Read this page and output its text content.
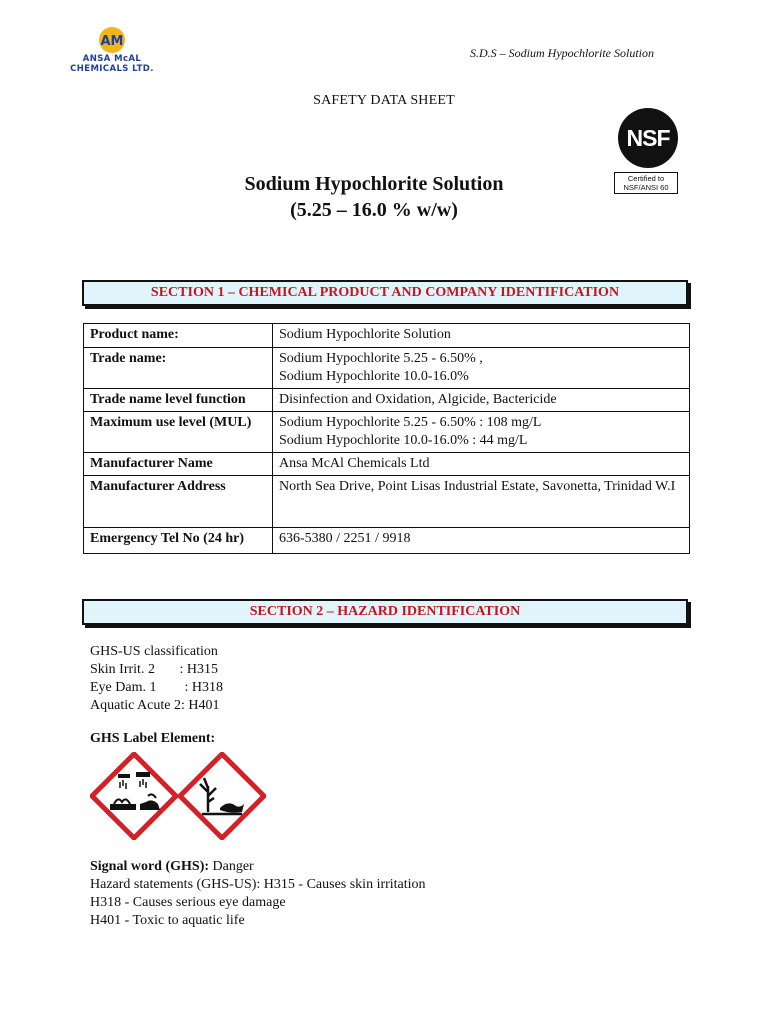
AM
ANSA McAL
CHEMICALS LTD.
S.D.S – Sodium Hypochlorite Solution
SAFETY DATA SHEET
NSF
Certified to NSF/ANSI 60
Sodium Hypochlorite Solution
(5.25 – 16.0 % w/w)
SECTION 1 – CHEMICAL PRODUCT AND COMPANY IDENTIFICATION
Product name:	Sodium Hypochlorite Solution

Trade name:	Sodium Hypochlorite 5.25 - 6.50% ,
Sodium Hypochlorite 10.0-16.0%

Trade name level function	Disinfection and Oxidation, Algicide, Bactericide

Maximum use level (MUL)	Sodium Hypochlorite 5.25 - 6.50% : 108 mg/L
Sodium Hypochlorite 10.0-16.0% : 44 mg/L

Manufacturer Name	Ansa McAl Chemicals Ltd

Manufacturer Address	North Sea Drive, Point Lisas Industrial Estate, Savonetta, Trinidad W.I

Emergency Tel No (24 hr)	636-5380 / 2251 / 9918
SECTION 2 – HAZARD IDENTIFICATION
GHS-US classification
Skin Irrit. 2       : H315
Eye Dam. 1        : H318
Aquatic Acute 2: H401
GHS Label Element:
Signal word (GHS): Danger
Hazard statements (GHS-US): H315 - Causes skin irritation
H318 - Causes serious eye damage
H401 - Toxic to aquatic life
